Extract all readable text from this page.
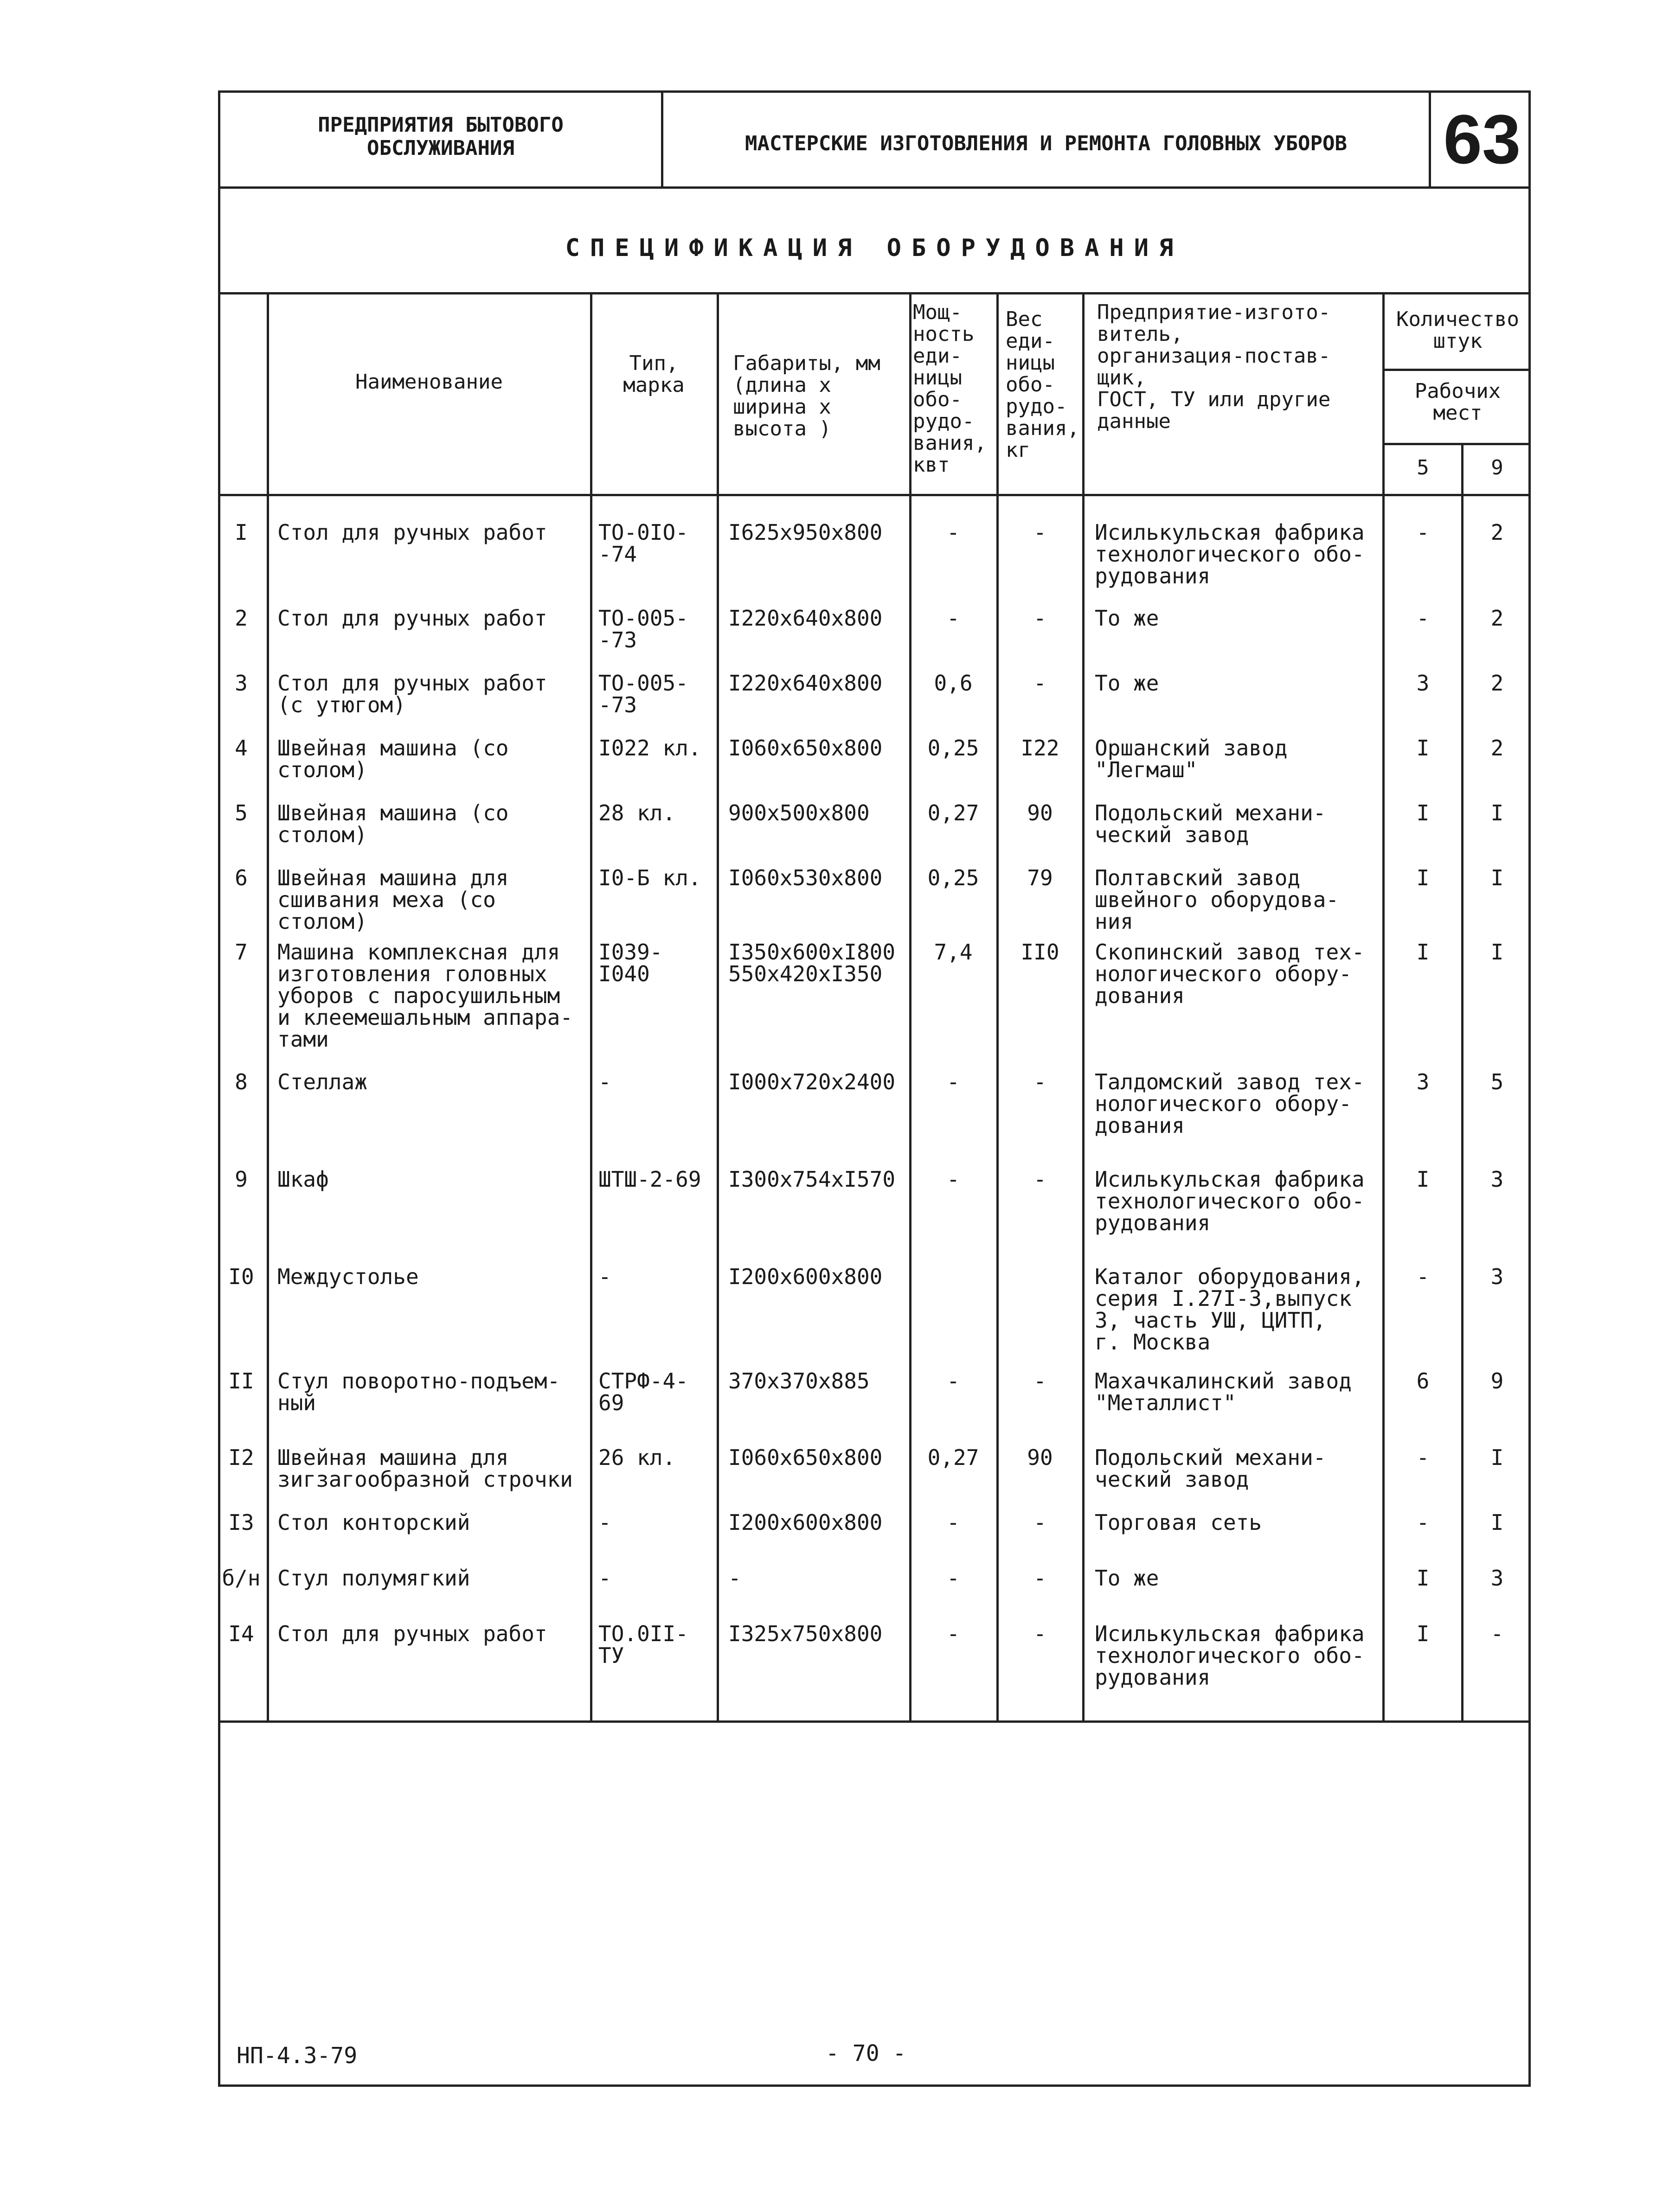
ПРЕДПРИЯТИЯ БЫТОВОГО
ОБСЛУЖИВАНИЯ	МАСТЕРСКИЕ ИЗГОТОВЛЕНИЯ И РЕМОНТА ГОЛОВНЫХ УБОРОВ	63
СПЕЦИФИКАЦИЯ ОБОРУДОВАНИЯ
Наименование
Тип,
марка
Габариты, мм
(длина х
ширина х
высота )
Мощ-
ность
еди-
ницы
обо-
рудо-
вания,
квт
Вес
еди-
ницы
обо-
рудо-
вания,
кг
Предприятие-изгото-
витель,
организация-постав-
щик,
ГОСТ, ТУ или другие
данные
Количество
штук
Рабочих
мест
5	9
I	Стол для ручных работ	ТО-0IО-
-74
I625х950х800	-	-	Исилькульская фабрика
технологического обо-
рудования
-	2
2	Стол для ручных работ	ТО-005-
-73
I220х640х800	-	-	То же	-	2
3	Стол для ручных работ
(с утюгом)
ТО-005-
-73
I220х640х800	0,6	-	То же	3	2
4	Швейная машина (со
столом)
I022 кл.	I060х650х800	0,25	I22	Оршанский завод
"Легмаш"
I	2
5	Швейная машина (со
столом)
28 кл.	900х500х800	0,27	90	Подольский механи-
ческий завод
I	I
6	Швейная машина для
сшивания меха (со
столом)
I0-Б кл.	I060х530х800	0,25	79	Полтавский завод
швейного оборудова-
ния
I	I
7	Машина комплексная для
изготовления головных
уборов с паросушильным
и клеемешальным аппара-
тами
I039-
I040
I350х600хI800
550х420хI350
7,4	II0	Скопинский завод тех-
нологического обору-
дования
I	I
8	Стеллаж	-	I000х720х2400	-	-	Талдомский завод тех-
нологического обору-
дования
3	5
9	Шкаф	ШТШ-2-69	I300х754хI570	-	-	Исилькульская фабрика
технологического обо-
рудования
I	3
I0	Междустолье	-	I200х600х800	Каталог оборудования,
серия I.27I-3,выпуск
3, часть УШ, ЦИТП,
г. Москва
-	3
II	Стул поворотно-подъем-
ный
СТРФ-4-
69
370х370х885	-	-	Махачкалинский завод
"Металлист"
6	9
I2	Швейная машина для
зигзагообразной строчки
26 кл.	I060х650х800	0,27	90	Подольский механи-
ческий завод
-	I
I3	Стол конторский	-	I200х600х800	-	-	Торговая сеть	-	I
б/н Стул полумягкий	-	-	-	-	То же	I	3
I4	Стол для ручных работ	ТО.0II-
ТУ
I325х750х800	-	-	Исилькульская фабрика
технологического обо-
рудования
I	-
НП-4.3-79	- 70 -
